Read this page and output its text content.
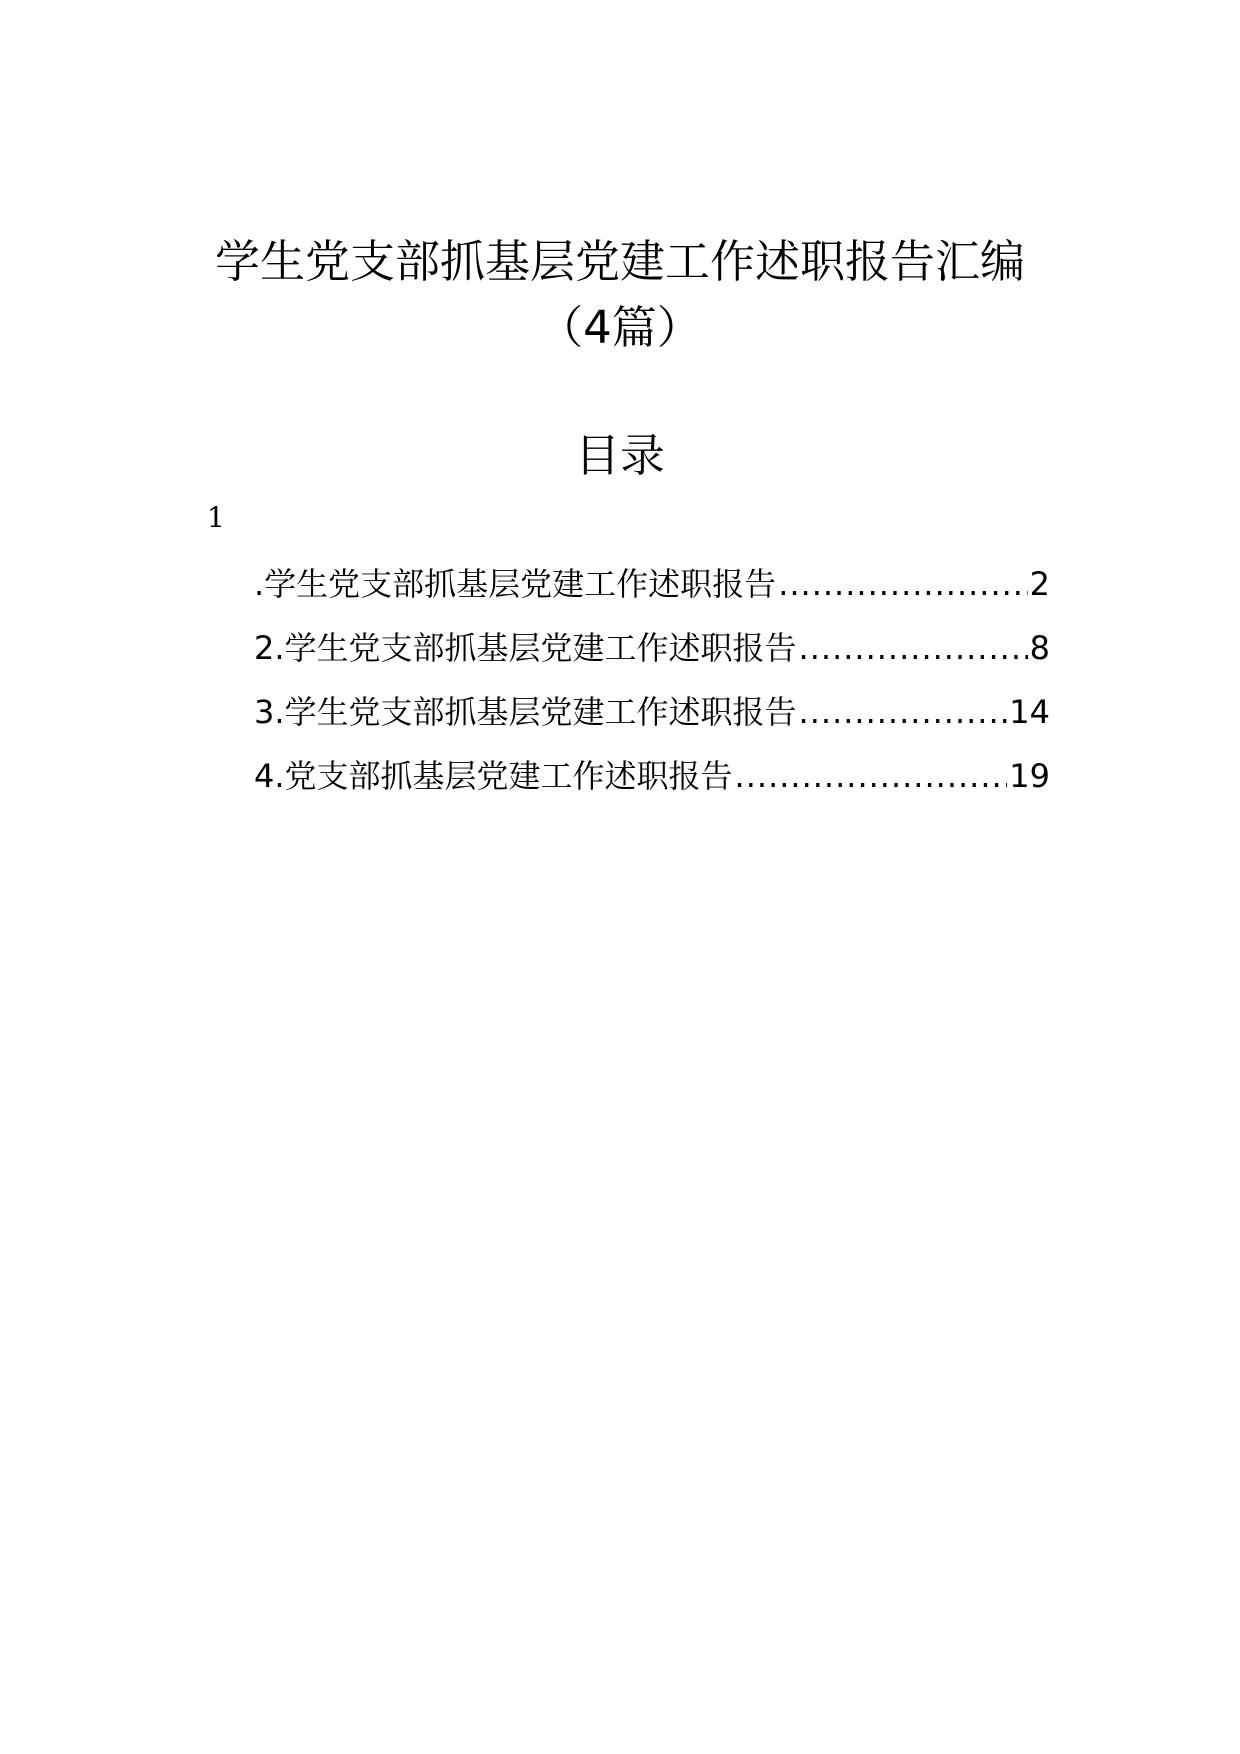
学生党支部抓基层党建工作述职报告汇编
（4篇）
目录
1
.学生党支部抓基层党建工作述职报告 .....	2
2.学生党支部抓基层党建工作述职报告 .....	8
3.学生党支部抓基层党建工作述职报告 .....	14
4.党支部抓基层党建工作述职报告 .....	19
